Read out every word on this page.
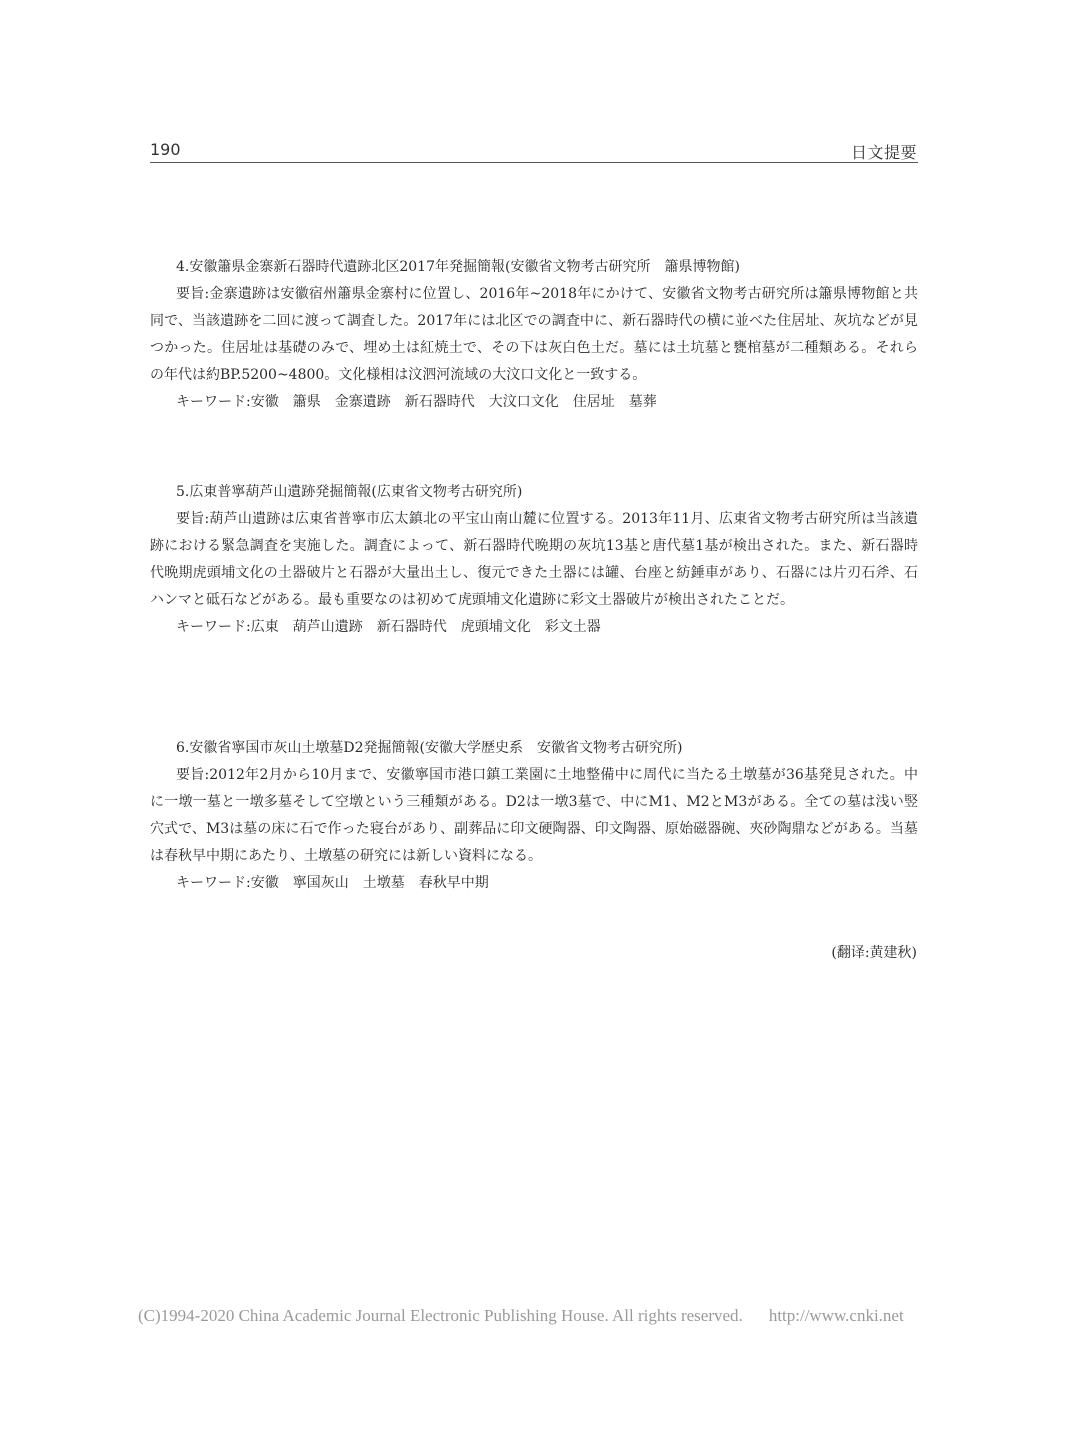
190	日文提要
4.安徽簫県金寨新石器時代遺跡北区2017年発掘簡報(安徽省文物考古研究所　簫県博物館)

要旨:金寨遺跡は安徽宿州簫県金寨村に位置し、2016年~2018年にかけて、安徽省文物考古研究所は簫県博物館と共同で、当該遺跡を二回に渡って調査した。2017年には北区での調査中に、新石器時代の横に並べた住居址、灰坑などが見つかった。住居址は基礎のみで、埋め土は紅焼土で、その下は灰白色土だ。墓には土坑墓と甕棺墓が二種類ある。それらの年代は約BP.5200~4800。文化様相は汶泗河流域の大汶口文化と一致する。

キーワード:安徽　簫県　金寨遺跡　新石器時代　大汶口文化　住居址　墓葬
5.広東普寧葫芦山遺跡発掘簡報(広東省文物考古研究所)

要旨:葫芦山遺跡は広東省普寧市広太鎮北の平宝山南山麓に位置する。2013年11月、広東省文物考古研究所は当該遺跡における緊急調査を実施した。調査によって、新石器時代晩期の灰坑13基と唐代墓1基が検出された。また、新石器時代晩期虎頭埔文化の土器破片と石器が大量出土し、復元できた土器には罐、台座と紡錘車があり、石器には片刃石斧、石ハンマと砥石などがある。最も重要なのは初めて虎頭埔文化遺跡に彩文土器破片が検出されたことだ。

キーワード:広東　葫芦山遺跡　新石器時代　虎頭埔文化　彩文土器
6.安徽省寧国市灰山土墩墓D2発掘簡報(安徽大学歴史系　安徽省文物考古研究所)

要旨:2012年2月から10月まで、安徽寧国市港口鎮工業園に土地整備中に周代に当たる土墩墓が36基発見された。中に一墩一墓と一墩多墓そして空墩という三種類がある。D2は一墩3墓で、中にM1、M2とM3がある。全ての墓は浅い竪穴式で、M3は墓の床に石で作った寝台があり、副葬品に印文硬陶器、印文陶器、原始磁器碗、夾砂陶鼎などがある。当墓は春秋早中期にあたり、土墩墓の研究には新しい資料になる。

キーワード:安徽　寧国灰山　土墩墓　春秋早中期
(翻译:黄建秋)
(C)1994-2020 China Academic Journal Electronic Publishing House. All rights reserved. http://www.cnki.net
